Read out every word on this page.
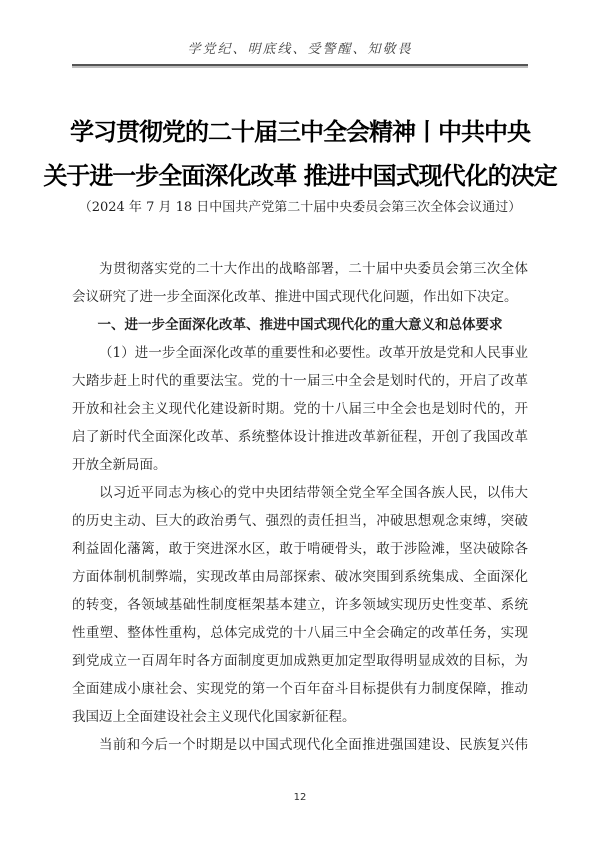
学党纪、明底线、受警醒、知敬畏
学习贯彻党的二十届三中全会精神丨中共中央
关于进一步全面深化改革 推进中国式现代化的决定
（2024 年 7 月 18 日中国共产党第二十届中央委员会第三次全体会议通过）
为贯彻落实党的二十大作出的战略部署，二十届中央委员会第三次全体
会议研究了进一步全面深化改革、推进中国式现代化问题，作出如下决定。
一、进一步全面深化改革、推进中国式现代化的重大意义和总体要求
（1）进一步全面深化改革的重要性和必要性。改革开放是党和人民事业
大踏步赶上时代的重要法宝。党的十一届三中全会是划时代的，开启了改革
开放和社会主义现代化建设新时期。党的十八届三中全会也是划时代的，开
启了新时代全面深化改革、系统整体设计推进改革新征程，开创了我国改革
开放全新局面。
以习近平同志为核心的党中央团结带领全党全军全国各族人民，以伟大
的历史主动、巨大的政治勇气、强烈的责任担当，冲破思想观念束缚，突破
利益固化藩篱，敢于突进深水区，敢于啃硬骨头，敢于涉险滩，坚决破除各
方面体制机制弊端，实现改革由局部探索、破冰突围到系统集成、全面深化
的转变，各领域基础性制度框架基本建立，许多领域实现历史性变革、系统
性重塑、整体性重构，总体完成党的十八届三中全会确定的改革任务，实现
到党成立一百周年时各方面制度更加成熟更加定型取得明显成效的目标，为
全面建成小康社会、实现党的第一个百年奋斗目标提供有力制度保障，推动
我国迈上全面建设社会主义现代化国家新征程。
当前和今后一个时期是以中国式现代化全面推进强国建设、民族复兴伟
12
